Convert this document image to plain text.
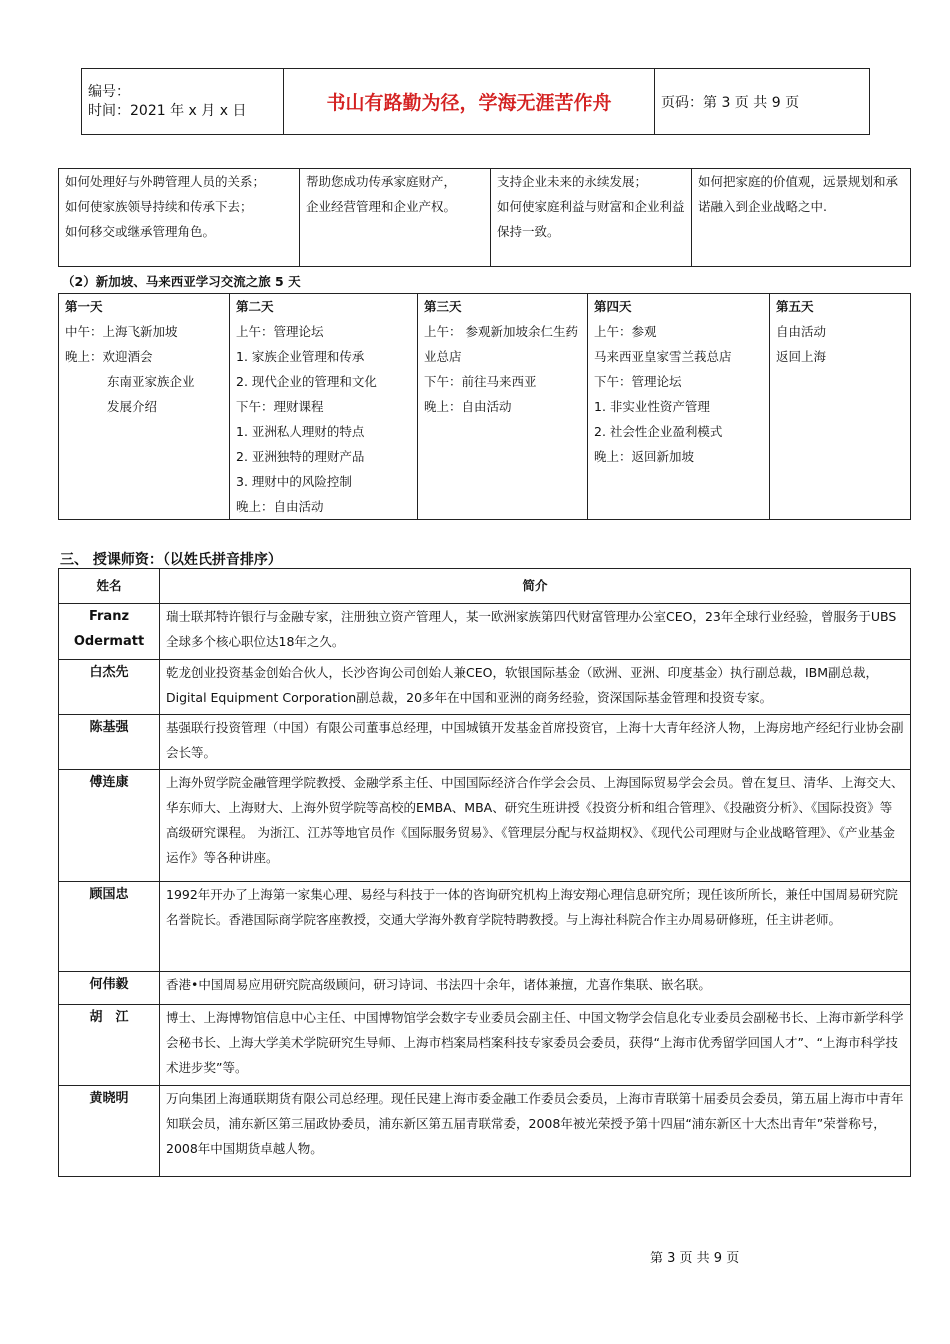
编号：
时间：2021 年 x 月 x 日	书山有路勤为径，学海无涯苦作舟	页码：第 3 页 共 9 页
如何处理好与外聘管理人员的关系；
如何使家族领导持续和传承下去；
如何移交或继承管理角色。

帮助您成功传承家庭财产，
企业经营管理和企业产权。

支持企业未来的永续发展；
如何使家庭利益与财富和企业利益保持一致。

如何把家庭的价值观，远景规划和承诺融入到企业战略之中.
（2）新加坡、马来西亚学习交流之旅 5 天
第一天
中午：上海飞新加坡
晚上：欢迎酒会
东南亚家族企业
发展介绍

第二天
上午：管理论坛
1. 家族企业管理和传承
2. 现代企业的管理和文化
下午：理财课程
1. 亚洲私人理财的特点
2. 亚洲独特的理财产品
3. 理财中的风险控制
晚上：自由活动

第三天
上午： 参观新加坡余仁生药业总店
下午：前往马来西亚
晚上：自由活动

第四天
上午：参观
马来西亚皇家雪兰莪总店
下午：管理论坛
1. 非实业性资产管理
2. 社会性企业盈利模式
晚上：返回新加坡

第五天
自由活动
返回上海
三、 授课师资：（以姓氏拼音排序）
姓名	简介
Franz Odermatt	瑞士联邦特许银行与金融专家，注册独立资产管理人，某一欧洲家族第四代财富管理办公室CEO，23年全球行业经验，曾服务于UBS全球多个核心职位达18年之久。
白杰先	乾龙创业投资基金创始合伙人，长沙咨询公司创始人兼CEO，软银国际基金（欧洲、亚洲、印度基金）执行副总裁，IBM副总裁，Digital Equipment Corporation副总裁，20多年在中国和亚洲的商务经验，资深国际基金管理和投资专家。
陈基强	基强联行投资管理（中国）有限公司董事总经理，中国城镇开发基金首席投资官，上海十大青年经济人物，上海房地产经纪行业协会副会长等。
傅连康	上海外贸学院金融管理学院教授、金融学系主任、中国国际经济合作学会会员、上海国际贸易学会会员。曾在复旦、清华、上海交大、华东师大、上海财大、上海外贸学院等高校的EMBA、MBA、研究生班讲授《投资分析和组合管理》、《投融资分析》、《国际投资》等高级研究课程。 为浙江、江苏等地官员作《国际服务贸易》、《管理层分配与权益期权》、《现代公司理财与企业战略管理》、《产业基金运作》等各种讲座。
顾国忠	1992年开办了上海第一家集心理、易经与科技于一体的咨询研究机构上海安翔心理信息研究所；现任该所所长，兼任中国周易研究院名誉院长。香港国际商学院客座教授，交通大学海外教育学院特聘教授。与上海社科院合作主办周易研修班，任主讲老师。
何伟毅	香港•中国周易应用研究院高级顾问，研习诗词、书法四十余年，诸体兼擅，尤喜作集联、嵌名联。
胡　江	博士、上海博物馆信息中心主任、中国博物馆学会数字专业委员会副主任、中国文物学会信息化专业委员会副秘书长、上海市新学科学会秘书长、上海大学美术学院研究生导师、上海市档案局档案科技专家委员会委员，获得“上海市优秀留学回国人才”、“上海市科学技术进步奖”等。
黄晓明	万向集团上海通联期货有限公司总经理。现任民建上海市委金融工作委员会委员，上海市青联第十届委员会委员，第五届上海市中青年知联会员，浦东新区第三届政协委员，浦东新区第五届青联常委，2008年被光荣授予第十四届“浦东新区十大杰出青年”荣誉称号，2008年中国期货卓越人物。
第 3 页 共 9 页
